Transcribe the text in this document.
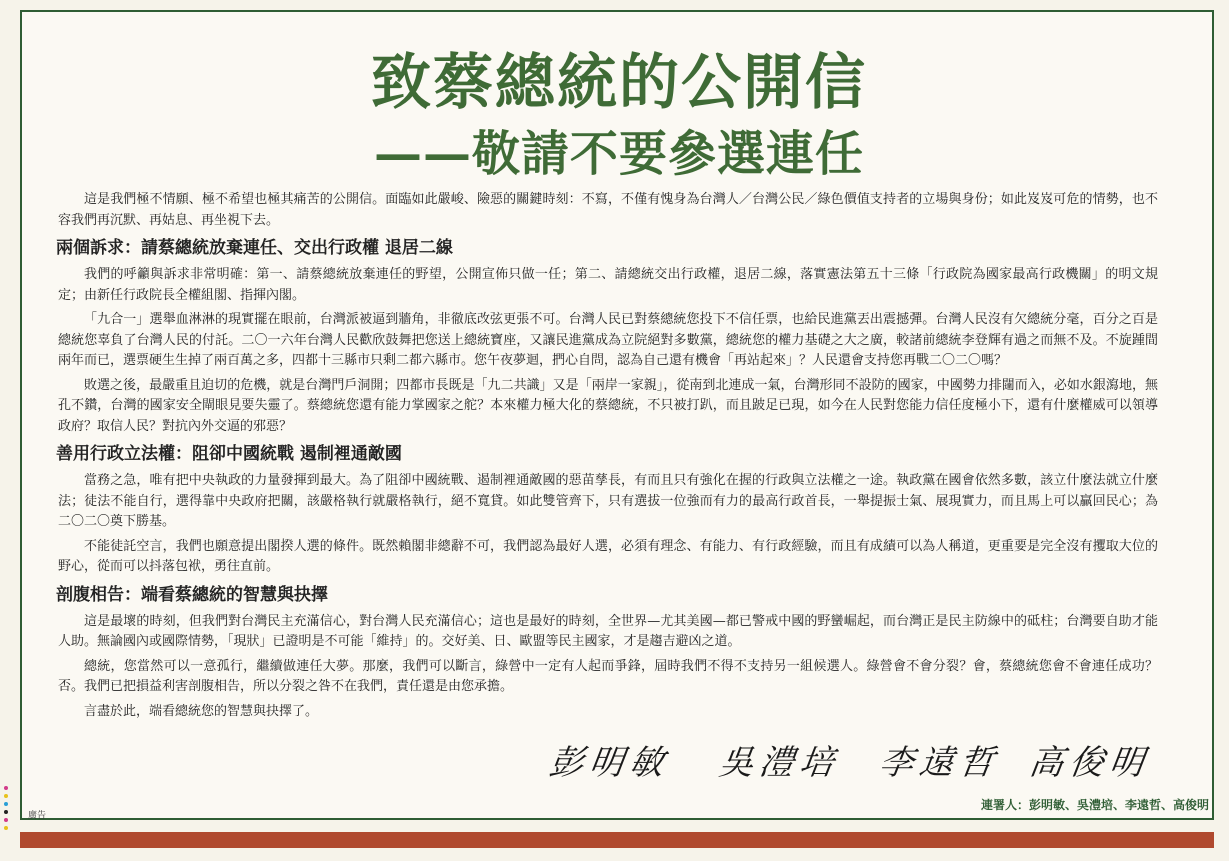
致蔡總統的公開信
——敬請不要參選連任

這是我們極不情願、極不希望也極其痛苦的公開信。面臨如此嚴峻、險惡的關鍵時刻：不寫，不僅有愧身為台灣人／台灣公民／綠色價值支持者的立場與身份；如此岌岌可危的情勢，也不容我們再沉默、再姑息、再坐視下去。

兩個訴求：請蔡總統放棄連任、交出行政權 退居二線

我們的呼籲與訴求非常明確：第一、請蔡總統放棄連任的野望，公開宣佈只做一任；第二、請總統交出行政權，退居二線，落實憲法第五十三條「行政院為國家最高行政機關」的明文規定；由新任行政院長全權組閣、指揮內閣。

「九合一」選舉血淋淋的現實擺在眼前，台灣派被逼到牆角，非徹底改弦更張不可。台灣人民已對蔡總統您投下不信任票，也給民進黨丟出震撼彈。台灣人民沒有欠總統分毫，百分之百是總統您辜負了台灣人民的付託。二〇一六年台灣人民歡欣鼓舞把您送上總統寶座，又讓民進黨成為立院絕對多數黨，總統您的權力基礎之大之廣，較諸前總統李登輝有過之而無不及。不旋踵間兩年而已，選票硬生生掉了兩百萬之多，四都十三縣市只剩二都六縣市。您午夜夢迴，捫心自問，認為自己還有機會「再站起來」？人民還會支持您再戰二〇二〇嗎？

敗選之後，最嚴重且迫切的危機，就是台灣門戶洞開；四都市長既是「九二共識」又是「兩岸一家親」，從南到北連成一氣，台灣形同不設防的國家，中國勢力排闥而入，必如水銀瀉地，無孔不鑽，台灣的國家安全閘眼見要失靈了。蔡總統您還有能力掌國家之舵？本來權力極大化的蔡總統，不只被打趴，而且跛足已現，如今在人民對您能力信任度極小下，還有什麼權威可以領導政府？取信人民？對抗內外交逼的邪惡？

善用行政立法權：阻卻中國統戰 遏制裡通敵國

當務之急，唯有把中央執政的力量發揮到最大。為了阻卻中國統戰、遏制裡通敵國的惡苗孳長，有而且只有強化在握的行政與立法權之一途。執政黨在國會依然多數，該立什麼法就立什麼法；徒法不能自行，選得靠中央政府把關，該嚴格執行就嚴格執行，絕不寬貸。如此雙管齊下，只有選拔一位強而有力的最高行政首長，一舉提振士氣、展現實力，而且馬上可以贏回民心；為二〇二〇奠下勝基。

不能徒託空言，我們也願意提出閣揆人選的條件。既然賴閣非總辭不可，我們認為最好人選，必須有理念、有能力、有行政經驗，而且有成績可以為人稱道，更重要是完全沒有攫取大位的野心，從而可以抖落包袱，勇往直前。

剖腹相告：端看蔡總統的智慧與抉擇

這是最壞的時刻，但我們對台灣民主充滿信心，對台灣人民充滿信心；這也是最好的時刻，全世界—尤其美國—都已警戒中國的野蠻崛起，而台灣正是民主防線中的砥柱；台灣要自助才能人助。無論國內或國際情勢，「現狀」已證明是不可能「維持」的。交好美、日、歐盟等民主國家，才是趨吉避凶之道。

總統，您當然可以一意孤行，繼續做連任大夢。那麼，我們可以斷言，綠營中一定有人起而爭鋒，屆時我們不得不支持另一組候選人。綠營會不會分裂？會，蔡總統您會不會連任成功？否。我們已把損益利害剖腹相告，所以分裂之咎不在我們，責任還是由您承擔。

言盡於此，端看總統您的智慧與抉擇了。

彭明敏 吳澧培 李遠哲 高俊明
連署人：彭明敏、吳澧培、李遠哲、高俊明
廣告
